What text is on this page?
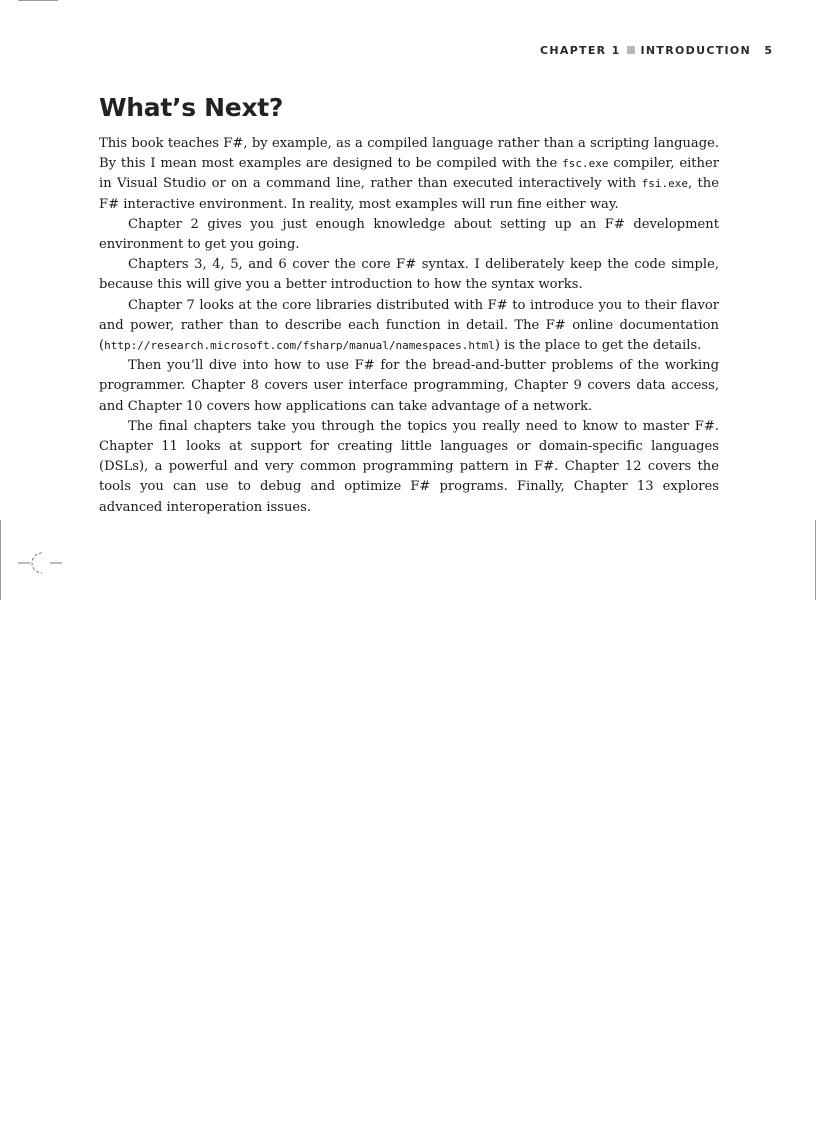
CHAPTER 1 INTRODUCTION 5
What’s Next?

This book teaches F#, by example, as a compiled language rather than a scripting language. By this I mean most examples are designed to be compiled with the fsc.exe compiler, either in Visual Studio or on a command line, rather than executed interactively with fsi.exe, the F# interactive environment. In reality, most examples will run fine either way.

Chapter 2 gives you just enough knowledge about setting up an F# development environment to get you going.

Chapters 3, 4, 5, and 6 cover the core F# syntax. I deliberately keep the code simple, because this will give you a better introduction to how the syntax works.

Chapter 7 looks at the core libraries distributed with F# to introduce you to their flavor and power, rather than to describe each function in detail. The F# online documentation (http://research.microsoft.com/fsharp/manual/namespaces.html) is the place to get the details.

Then you’ll dive into how to use F# for the bread-and-butter problems of the working programmer. Chapter 8 covers user interface programming, Chapter 9 covers data access, and Chapter 10 covers how applications can take advantage of a network.

The final chapters take you through the topics you really need to know to master F#. Chapter 11 looks at support for creating little languages or domain-specific languages (DSLs), a powerful and very common programming pattern in F#. Chapter 12 covers the tools you can use to debug and optimize F# programs. Finally, Chapter 13 explores advanced interoperation issues.
